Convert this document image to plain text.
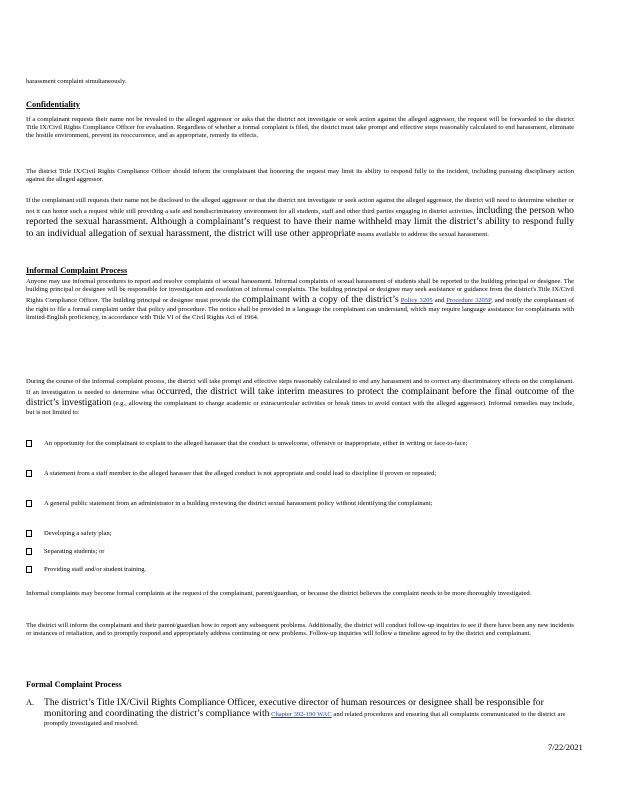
harassment complaint simultaneously.
Confidentiality
If a complainant requests their name not be revealed to the alleged aggressor or asks that the district not investigate or seek action against the alleged aggressor, the request will be forwarded to the district Title IX/Civil Rights Compliance Officer for evaluation. Regardless of whether a formal complaint is filed, the district must take prompt and effective steps reasonably calculated to end harassment, eliminate the hostile environment, prevent its reoccurrence, and as appropriate, remedy its effects.
The district Title IX/Civil Rights Compliance Officer should inform the complainant that honoring the request may limit its ability to respond fully to the incident, including pursuing disciplinary action against the alleged aggressor.
If the complainant still requests their name not be disclosed to the alleged aggressor or that the district not investigate or seek action against the alleged aggressor, the district will need to determine whether or not it can honor such a request while still providing a safe and nondiscriminatory environment for all students, staff and other third parties engaging in district activities, including the person who reported the sexual harassment. Although a complainant’s request to have their name withheld may limit the district’s ability to respond fully to an individual allegation of sexual harassment, the district will use other appropriate means available to address the sexual harassment.
Informal Complaint Process
Anyone may use informal procedures to report and resolve complaints of sexual harassment. Informal complaints of sexual harassment of students shall be reported to the building principal or designee. The building principal or designee will be responsible for investigation and resolution of informal complaints. The building principal or designee may seek assistance or guidance from the district's Title IX/Civil Rights Compliance Officer. The building principal or designee must provide the complainant with a copy of the district’s Policy 3205 and Procedure 3205P, and notify the complainant of the right to file a formal complaint under that policy and procedure. The notice shall be provided in a language the complainant can understand, which may require language assistance for complainants with limited-English proficiency, in accordance with Title VI of the Civil Rights Act of 1964.
During the course of the informal complaint process, the district will take prompt and effective steps reasonably calculated to end any harassment and to correct any discriminatory effects on the complainant. If an investigation is needed to determine what occurred, the district will take interim measures to protect the complainant before the final outcome of the district’s investigation (e.g., allowing the complainant to change academic or extracurricular activities or break times to avoid contact with the alleged aggressor). Informal remedies may include, but is not limited to:
An opportunity for the complainant to explain to the alleged harasser that the conduct is unwelcome, offensive or inappropriate, either in writing or face-to-face;
A statement from a staff member to the alleged harasser that the alleged conduct is not appropriate and could lead to discipline if proven or repeated;
A general public statement from an administrator in a building reviewing the district sexual harassment policy without identifying the complainant;
Developing a safety plan;
Separating students; or
Providing staff and/or student training.
Informal complaints may become formal complaints at the request of the complainant, parent/guardian, or because the district believes the complaint needs to be more thoroughly investigated.
The district will inform the complainant and their parent/guardian how to report any subsequent problems. Additionally, the district will conduct follow-up inquiries to see if there have been any new incidents or instances of retaliation, and to promptly respond and appropriately address continuing or new problems. Follow-up inquiries will follow a timeline agreed to by the district and complainant.
Formal Complaint Process
A. The district’s Title IX/Civil Rights Compliance Officer, executive director of human resources or designee shall be responsible for monitoring and coordinating the district’s compliance with Chapter 392-190 WAC and related procedures and ensuring that all complaints communicated to the district are promptly investigated and resolved.
7/22/2021
